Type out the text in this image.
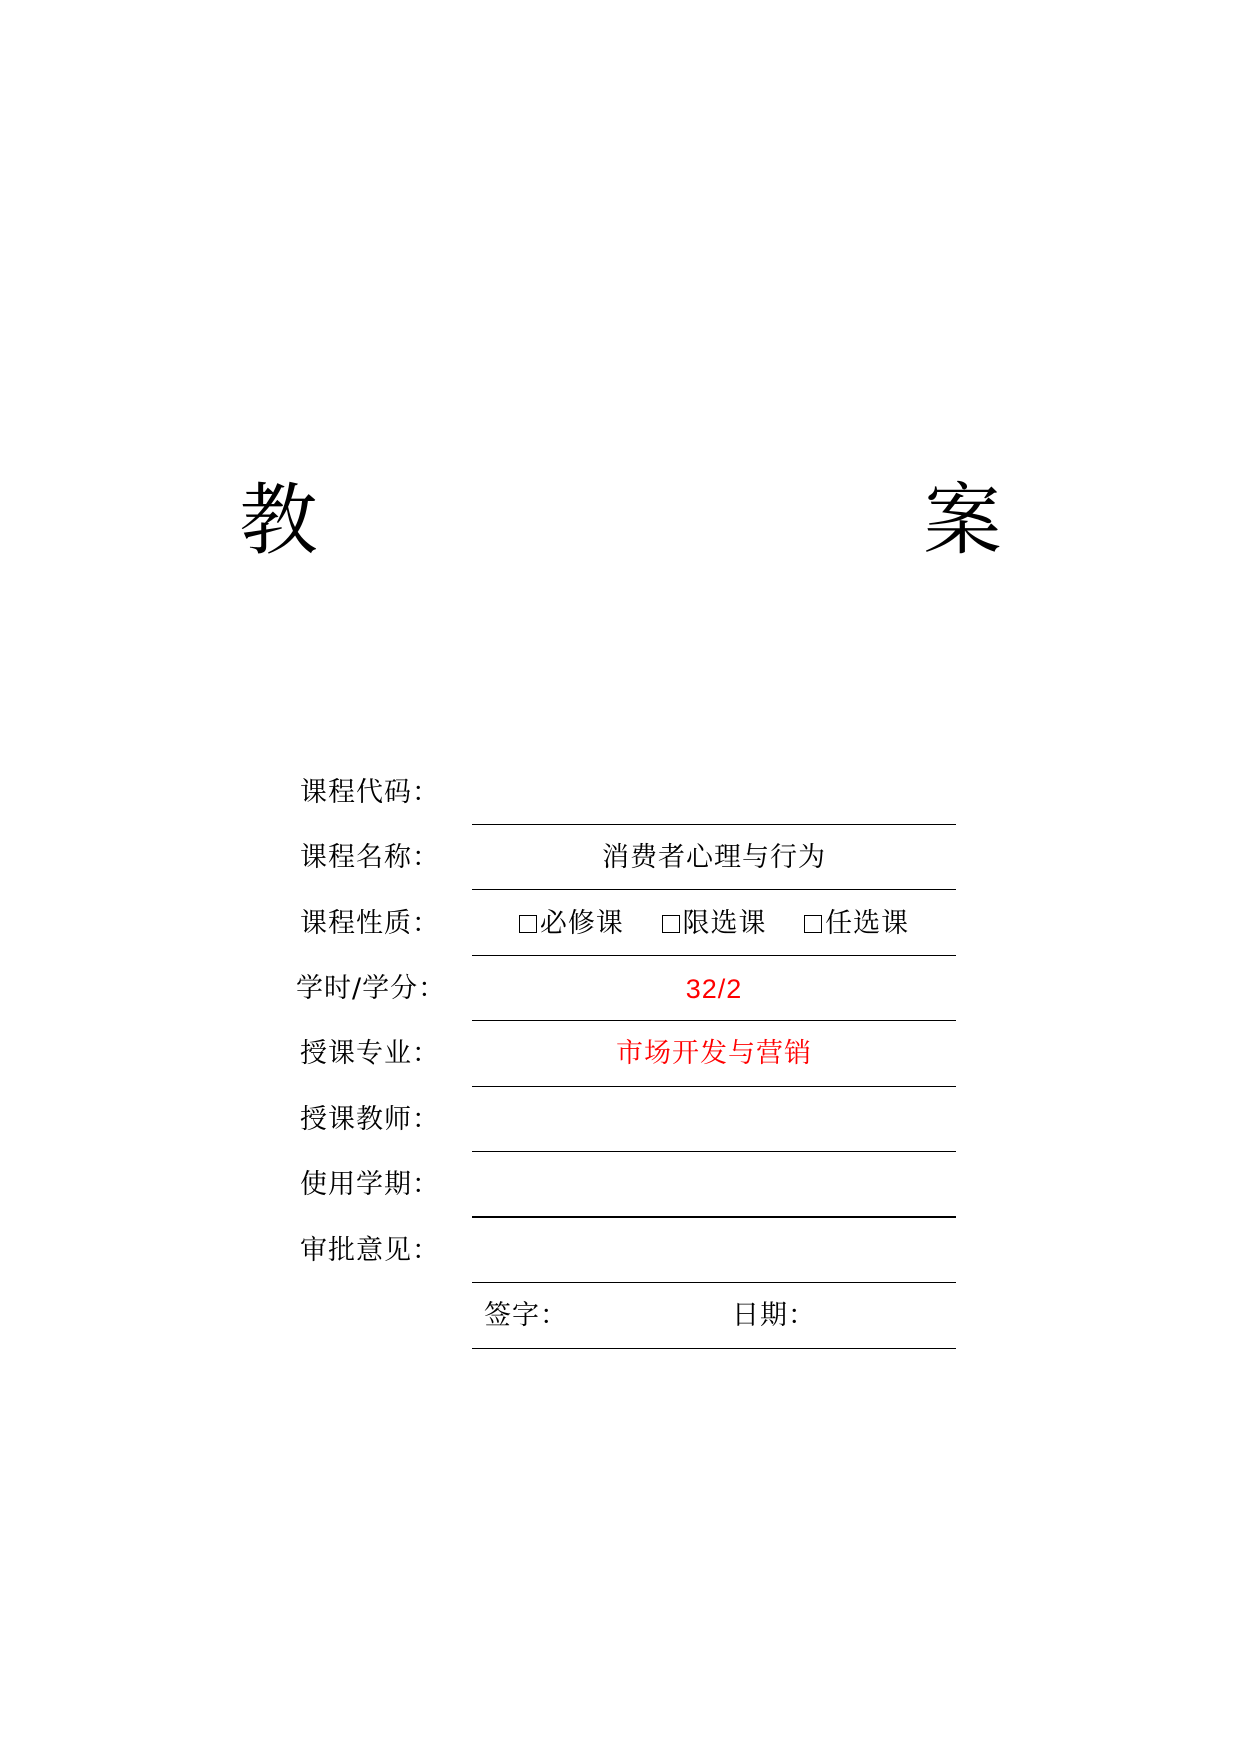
教　　案
课程代码：
课程名称：	消费者心理与行为
课程性质：	必修课 限选课 任选课
学时/学分：	32/2
授课专业：	市场开发与营销
授课教师：
使用学期：
审批意见：
签字：	日期：
